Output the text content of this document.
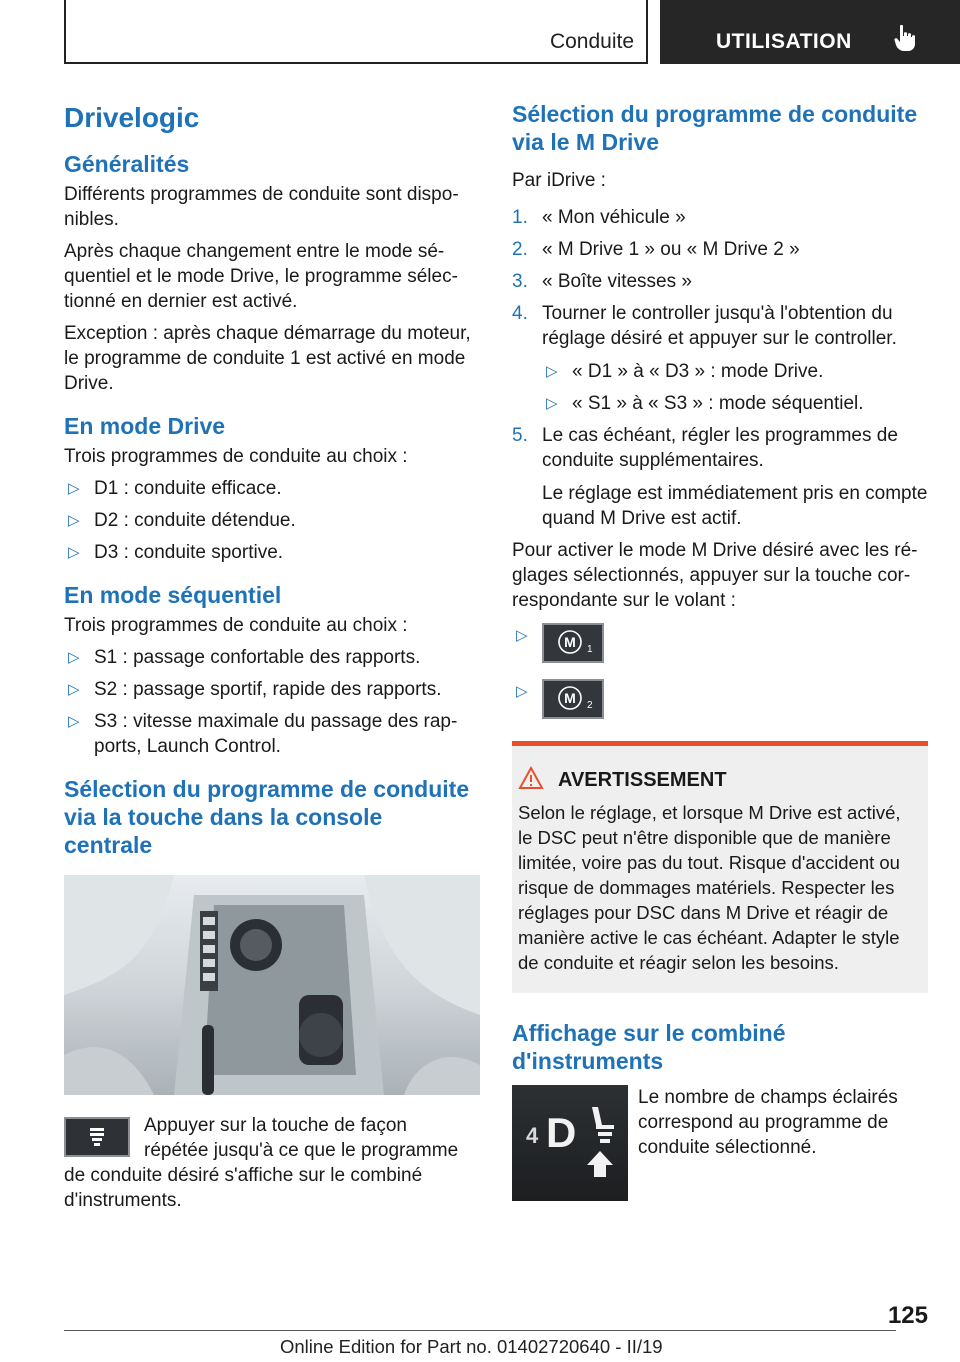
Conduite	UTILISATION
Drivelogic
Généralités

Différents programmes de conduite sont disponibles.

Après chaque changement entre le mode séquentiel et le mode Drive, le programme sélectionné en dernier est activé.

Exception : après chaque démarrage du moteur, le programme de conduite 1 est activé en mode Drive.

En mode Drive

Trois programmes de conduite au choix :

▷ D1 : conduite efficace.
▷ D2 : conduite détendue.
▷ D3 : conduite sportive.
En mode séquentiel

Trois programmes de conduite au choix :

▷ S1 : passage confortable des rapports.
▷ S2 : passage sportif, rapide des rapports.
▷ S3 : vitesse maximale du passage des rapports, Launch Control.
Sélection du programme de conduite via la touche dans la console centrale

Appuyer sur la touche de façon répétée jusqu'à ce que le programme de conduite désiré s'affiche sur le combiné d'instruments.

Sélection du programme de conduite via le M Drive

Par iDrive :

1. « Mon véhicule »
2. « M Drive 1 » ou « M Drive 2 »
3. « Boîte vitesses »
4. Tourner le controller jusqu'à l'obtention du réglage désiré et appuyer sur le controller.
▷ « D1 » à « D3 » : mode Drive.
▷ « S1 » à « S3 » : mode séquentiel.
5. Le cas échéant, régler les programmes de conduite supplémentaires.

Le réglage est immédiatement pris en compte quand M Drive est actif.

Pour activer le mode M Drive désiré avec les réglages sélectionnés, appuyer sur la touche correspondante sur le volant :

▷	M 1
▷	M 2
AVERTISSEMENT

Selon le réglage, et lorsque M Drive est activé, le DSC peut n'être disponible que de manière limitée, voire pas du tout. Risque d'accident ou risque de dommages matériels. Respecter les réglages pour DSC dans M Drive et réagir de manière active le cas échéant. Adapter le style de conduite et réagir selon les besoins.

Affichage sur le combiné d'instruments
4 D

Le nombre de champs éclairés correspond au programme de conduite sélectionné.

125
Online Edition for Part no. 01402720640 - II/19
